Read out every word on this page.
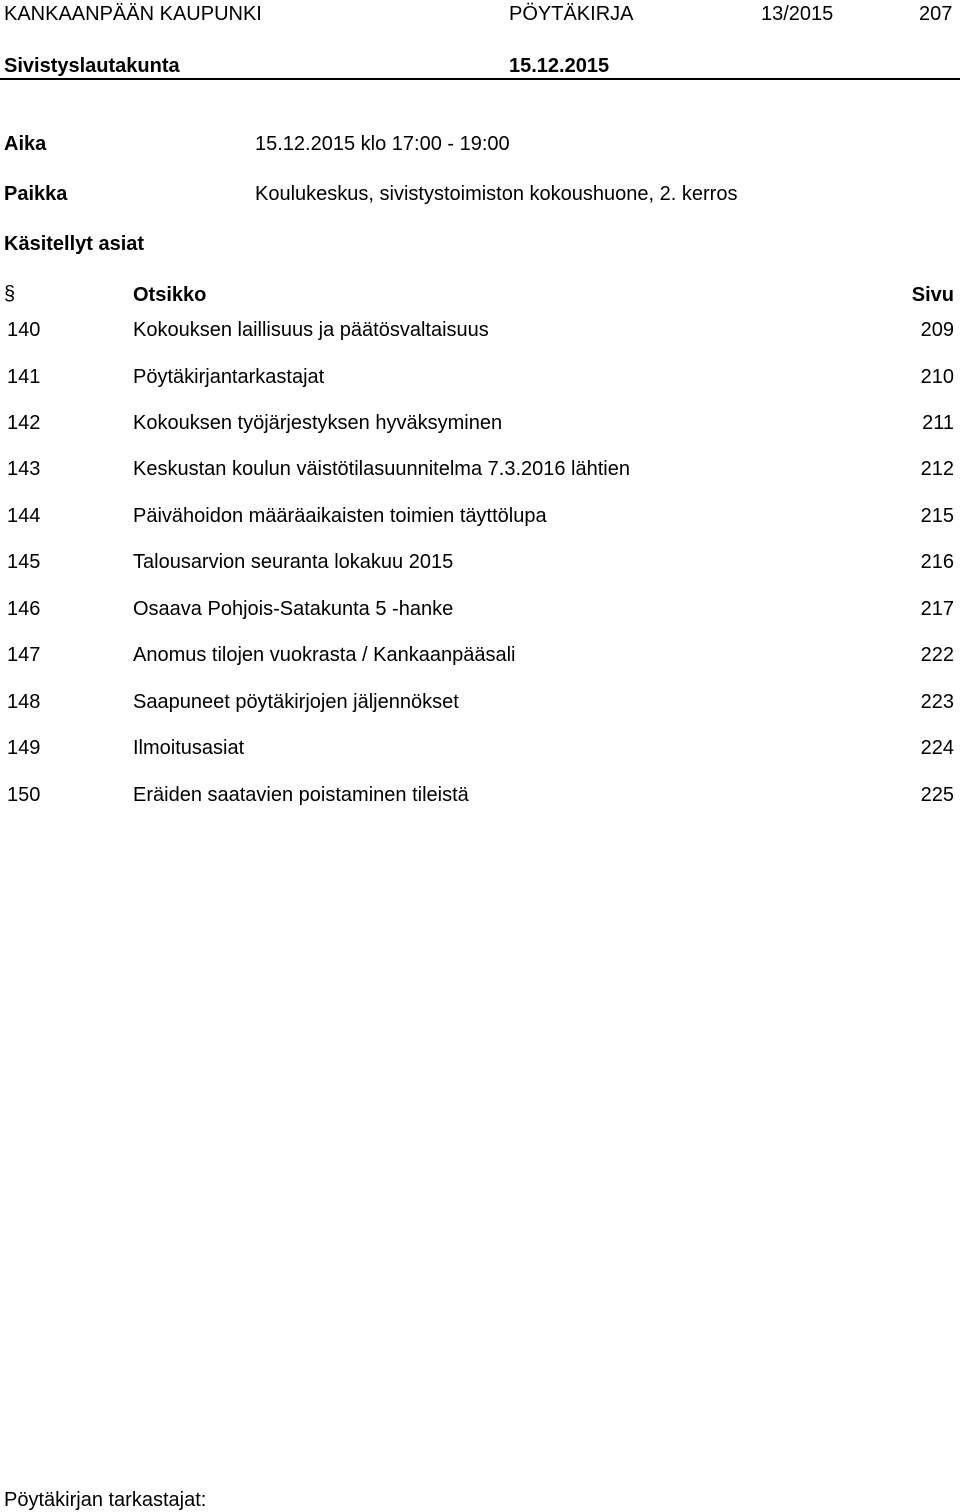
KANKAANPÄÄN KAUPUNKI	PÖYTÄKIRJA	13/2015	207
Sivistyslautakunta	15.12.2015
Aika	15.12.2015 klo 17:00 - 19:00
Paikka	Koulukeskus, sivistystoimiston kokoushuone, 2. kerros
Käsitellyt asiat
§	Otsikko	Sivu
140	Kokouksen laillisuus ja päätösvaltaisuus	209
141	Pöytäkirjantarkastajat	210
142	Kokouksen työjärjestyksen hyväksyminen	211
143	Keskustan koulun väistötilasuunnitelma 7.3.2016 lähtien	212
144	Päivähoidon määräaikaisten toimien täyttölupa	215
145	Talousarvion seuranta lokakuu 2015	216
146	Osaava Pohjois-Satakunta 5 -hanke	217
147	Anomus tilojen vuokrasta / Kankaanpääsali	222
148	Saapuneet pöytäkirjojen jäljennökset	223
149	Ilmoitusasiat	224
150	Eräiden saatavien poistaminen tileistä	225
Pöytäkirjan tarkastajat:
